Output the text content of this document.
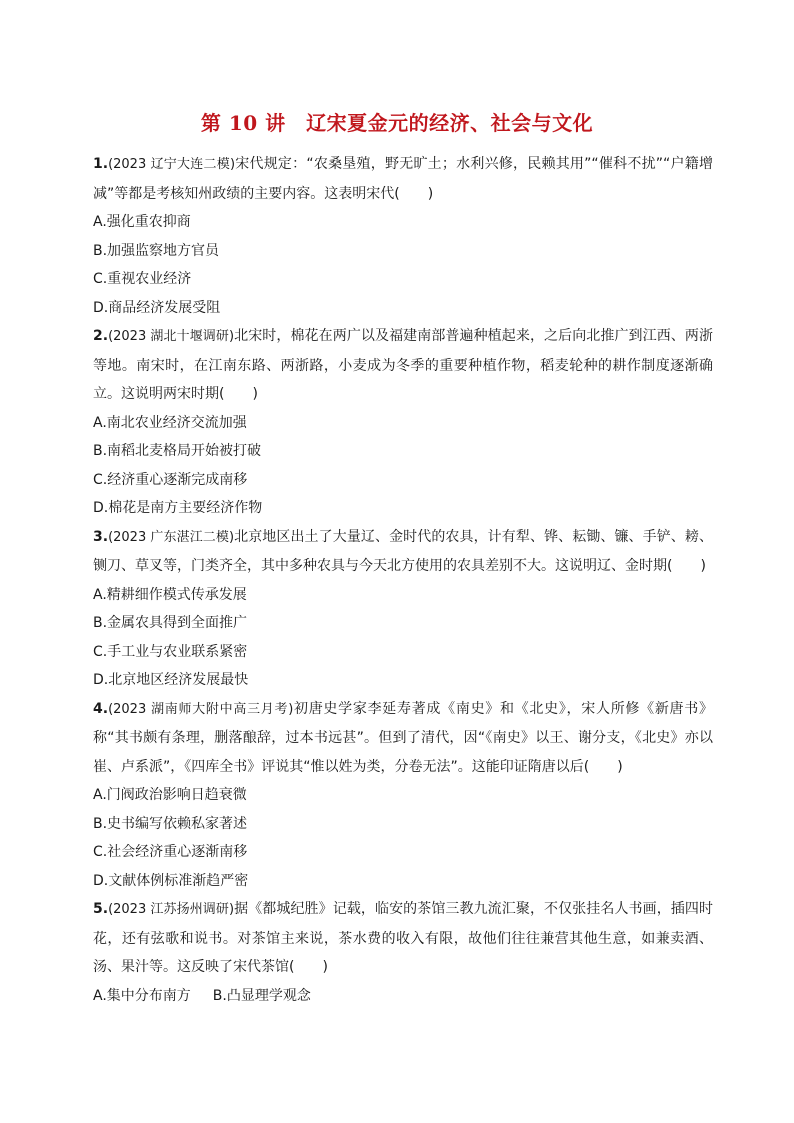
第 10 讲　辽宋夏金元的经济、社会与文化

1.(2023 辽宁大连二模)宋代规定：“农桑垦殖，野无旷土；水利兴修，民赖其用”“催科不扰”“户籍增减”等都是考核知州政绩的主要内容。这表明宋代(　　)

A.强化重农抑商

B.加强监察地方官员

C.重视农业经济

D.商品经济发展受阻

2.(2023 湖北十堰调研)北宋时，棉花在两广以及福建南部普遍种植起来，之后向北推广到江西、两浙等地。南宋时，在江南东路、两浙路，小麦成为冬季的重要种植作物，稻麦轮种的耕作制度逐渐确立。这说明两宋时期(　　)

A.南北农业经济交流加强

B.南稻北麦格局开始被打破

C.经济重心逐渐完成南移

D.棉花是南方主要经济作物

3.(2023 广东湛江二模)北京地区出土了大量辽、金时代的农具，计有犁、铧、耘锄、镰、手铲、耪、铡刀、草叉等，门类齐全，其中多种农具与今天北方使用的农具差别不大。这说明辽、金时期(　　)

A.精耕细作模式传承发展

B.金属农具得到全面推广

C.手工业与农业联系紧密

D.北京地区经济发展最快

4.(2023 湖南师大附中高三月考)初唐史学家李延寿著成《南史》和《北史》，宋人所修《新唐书》称“其书颇有条理，删落酿辞，过本书远甚”。但到了清代，因“《南史》以王、谢分支，《北史》亦以崔、卢系派”，《四库全书》评说其“惟以姓为类，分卷无法”。这能印证隋唐以后(　　)

A.门阀政治影响日趋衰微

B.史书编写依赖私家著述

C.社会经济重心逐渐南移

D.文献体例标准渐趋严密

5.(2023 江苏扬州调研)据《都城纪胜》记载，临安的茶馆三教九流汇聚，不仅张挂名人书画，插四时花，还有弦歌和说书。对茶馆主来说，茶水费的收入有限，故他们往往兼营其他生意，如兼卖酒、汤、果汁等。这反映了宋代茶馆(　　)

A.集中分布南方 B.凸显理学观念
